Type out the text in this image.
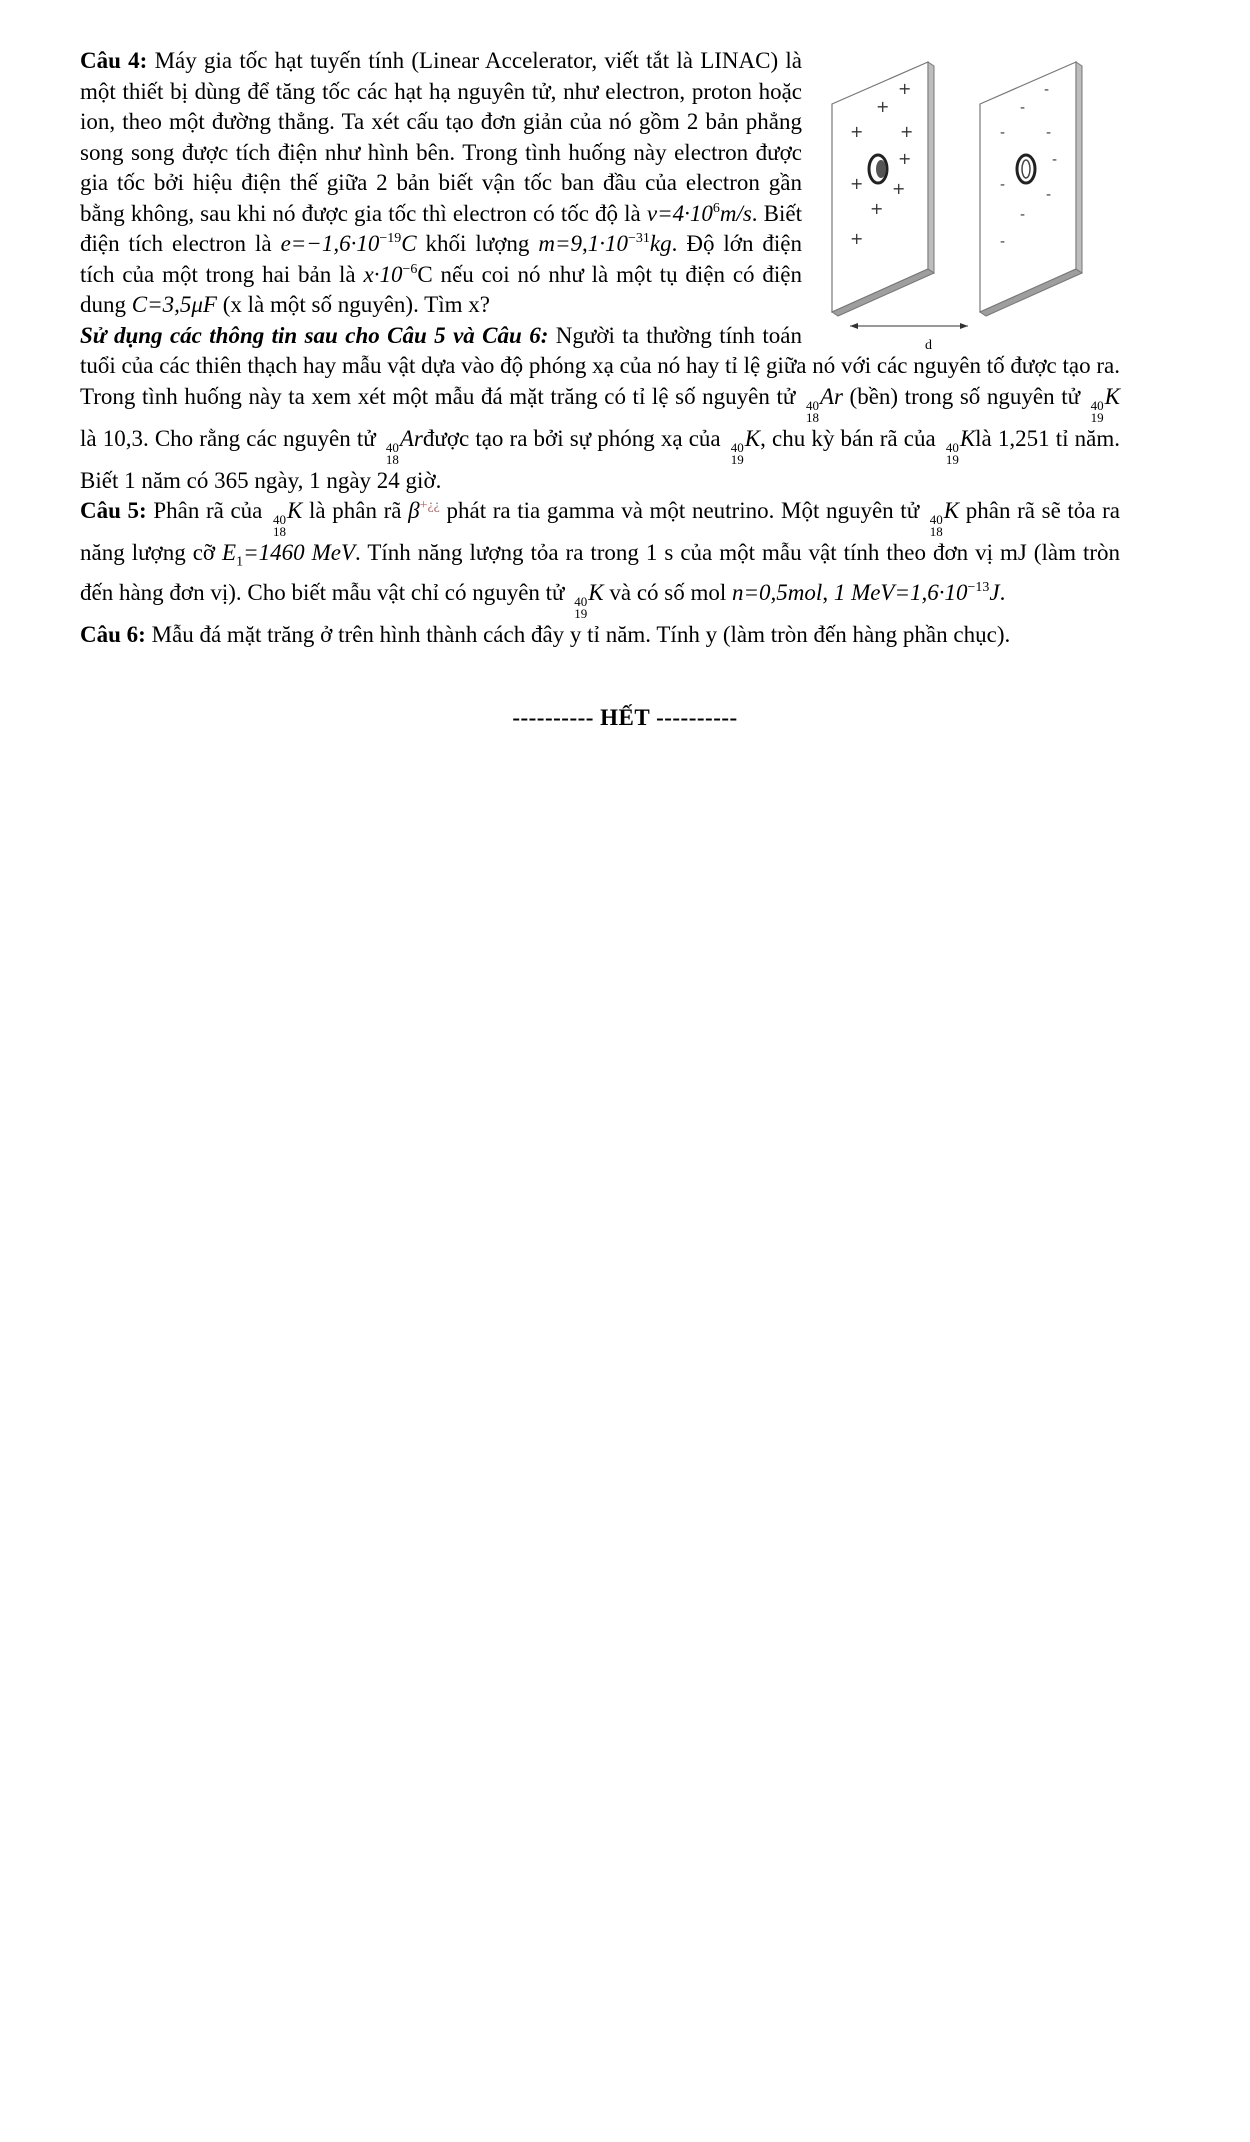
+
+
+ +
+ +
+
+
+
-
-
-	-
-
-
-
-
-
d

Câu 4: Máy gia tốc hạt tuyến tính (Linear Accelerator, viết tắt là LINAC) là một thiết bị dùng để tăng tốc các hạt hạ nguyên tử, như electron, proton hoặc ion, theo một đường thẳng. Ta xét cấu tạo đơn giản của nó gồm 2 bản phẳng song song được tích điện như hình bên. Trong tình huống này electron được gia tốc bởi hiệu điện thế giữa 2 bản biết vận tốc ban đầu của electron gần bằng không, sau khi nó được gia tốc thì electron có tốc độ là $v=4\cdot 10^6m/s$. Biết điện tích electron là $e=-1,6\cdot 10^{-19}C$ khối lượng $m=9,1\cdot 10^{-31}kg$. Độ lớn điện tích của một trong hai bản là $x\cdot 10^{-6}C$ nếu coi nó như là một tụ điện có điện dung C=3,5μF (x là một số nguyên). Tìm x?

Sử dụng các thông tin sau cho Câu 5 và Câu 6: Người ta thường tính toán tuổi của các thiên thạch hay mẫu vật dựa vào độ phóng xạ của nó hay tỉ lệ giữa nó với các nguyên tố được tạo ra. Trong tình huống này ta xem xét một mẫu đá mặt trăng có tỉ lệ số nguyên tử 40
18
Ar (bền) trong số nguyên tử 40
19
K là 10,3. Cho rằng các nguyên tử 40
18
Arđược tạo ra bởi sự phóng xạ của 40
19
K, chu kỳ bán rã của 40
19
Klà 1,251 tỉ năm. Biết 1 năm có 365 ngày, 1 ngày 24 giờ.

Câu 5: Phân rã của 40
18
K là phân rã β+¿¿ phát ra tia gamma và một neutrino. Một nguyên tử 40
18
K phân rã sẽ tỏa ra năng lượng cỡ $E_1=1460$ MeV. Tính năng lượng tỏa ra trong 1 s của một mẫu vật tính theo đơn vị mJ (làm tròn đến hàng đơn vị). Cho biết mẫu vật chỉ có nguyên tử 40
19
K và có số mol n=0,5mol, 1 $MeV=1,6\cdot 10^{-13}J$.

Câu 6: Mẫu đá mặt trăng ở trên hình thành cách đây y tỉ năm. Tính y (làm tròn đến hàng phần chục).

---------- HẾT ----------
